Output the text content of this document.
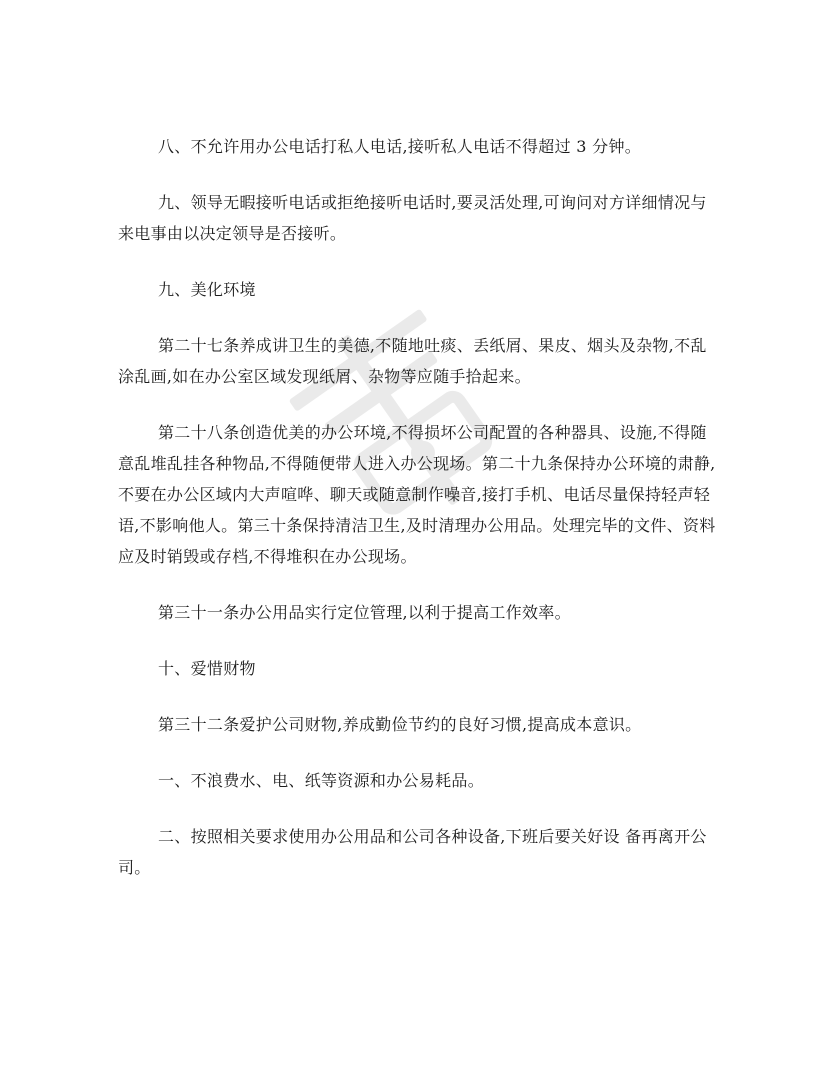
八、不允许用办公电话打私人电话,接听私人电话不得超过 3 分钟。

九、领导无暇接听电话或拒绝接听电话时,要灵活处理,可询问对方详细情况与来电事由以决定领导是否接听。

九、美化环境

第二十七条养成讲卫生的美德,不随地吐痰、丢纸屑、果皮、烟头及杂物,不乱涂乱画,如在办公室区域发现纸屑、杂物等应随手拾起来。

第二十八条创造优美的办公环境,不得损坏公司配置的各种器具、设施,不得随意乱堆乱挂各种物品,不得随便带人进入办公现场。第二十九条保持办公环境的肃静,不要在办公区域内大声喧哗、聊天或随意制作噪音,接打手机、电话尽量保持轻声轻语,不影响他人。第三十条保持清洁卫生,及时清理办公用品。处理完毕的文件、资料应及时销毁或存档,不得堆积在办公现场。

第三十一条办公用品实行定位管理,以利于提高工作效率。

十、爱惜财物

第三十二条爱护公司财物,养成勤俭节约的良好习惯,提高成本意识。

一、不浪费水、电、纸等资源和办公易耗品。

二、按照相关要求使用办公用品和公司各种设备,下班后要关好设 备再离开公司。
